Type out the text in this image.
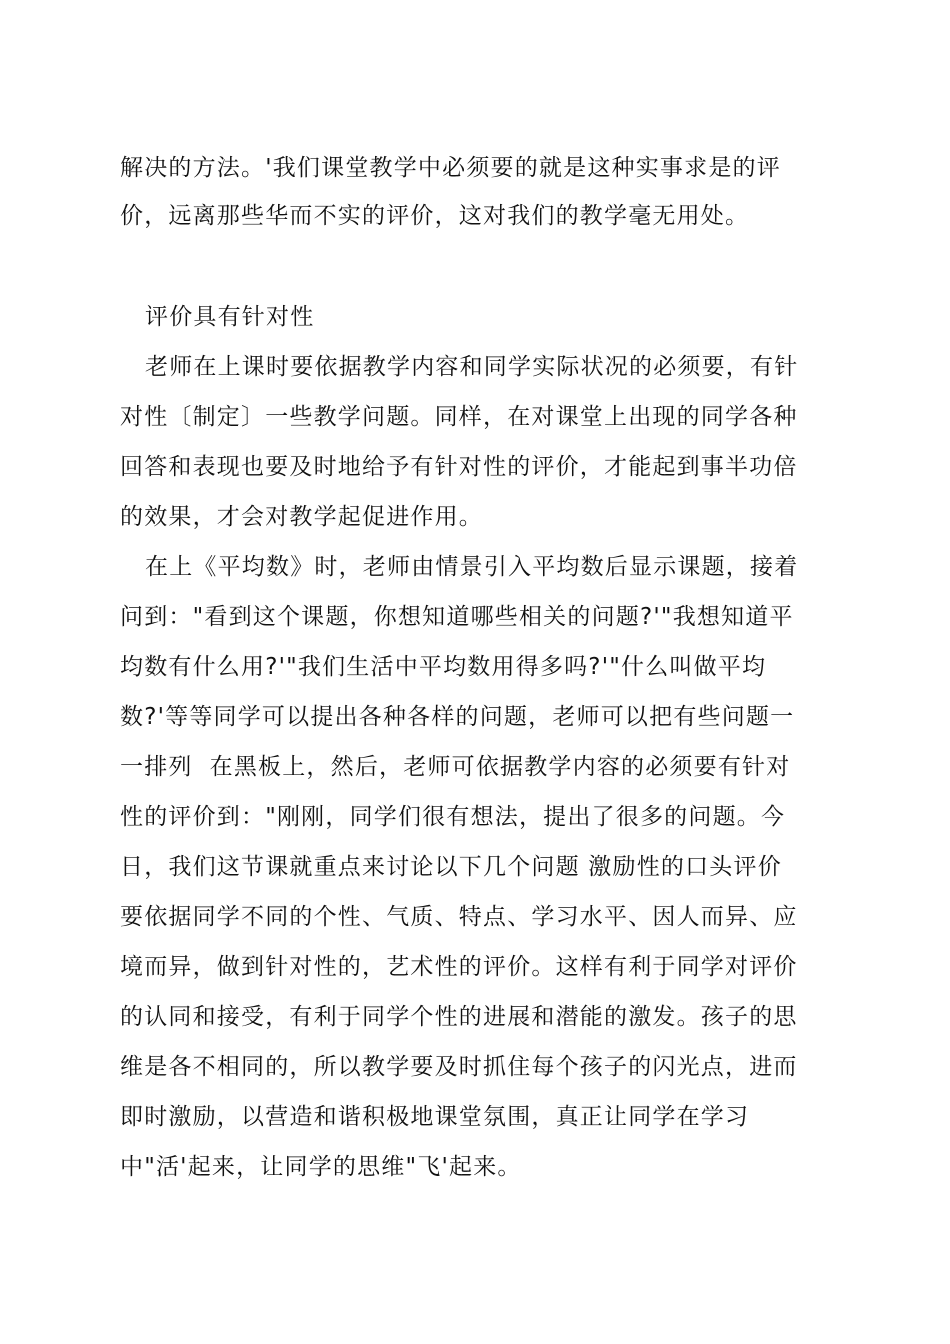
解决的方法。'我们课堂教学中必须要的就是这种实事求是的评
价，远离那些华而不实的评价，这对我们的教学毫无用处。
评价具有针对性
老师在上课时要依据教学内容和同学实际状况的必须要，有针
对性〔制定〕一些教学问题。同样，在对课堂上出现的同学各种
回答和表现也要及时地给予有针对性的评价，才能起到事半功倍
的效果，才会对教学起促进作用。
在上《平均数》时，老师由情景引入平均数后显示课题，接着
问到："看到这个课题，你想知道哪些相关的问题?'"我想知道平
均数有什么用?'"我们生活中平均数用得多吗?'"什么叫做平均
数?'等等同学可以提出各种各样的问题，老师可以把有些问题一
一排列  在黑板上，然后，老师可依据教学内容的必须要有针对
性的评价到："刚刚，同学们很有想法，提出了很多的问题。今
日，我们这节课就重点来讨论以下几个问题 激励性的口头评价
要依据同学不同的个性、气质、特点、学习水平、因人而异、应
境而异，做到针对性的，艺术性的评价。这样有利于同学对评价
的认同和接受，有利于同学个性的进展和潜能的激发。孩子的思
维是各不相同的，所以教学要及时抓住每个孩子的闪光点，进而
即时激励，以营造和谐积极地课堂氛围，真正让同学在学习
中"活'起来，让同学的思维"飞'起来。
